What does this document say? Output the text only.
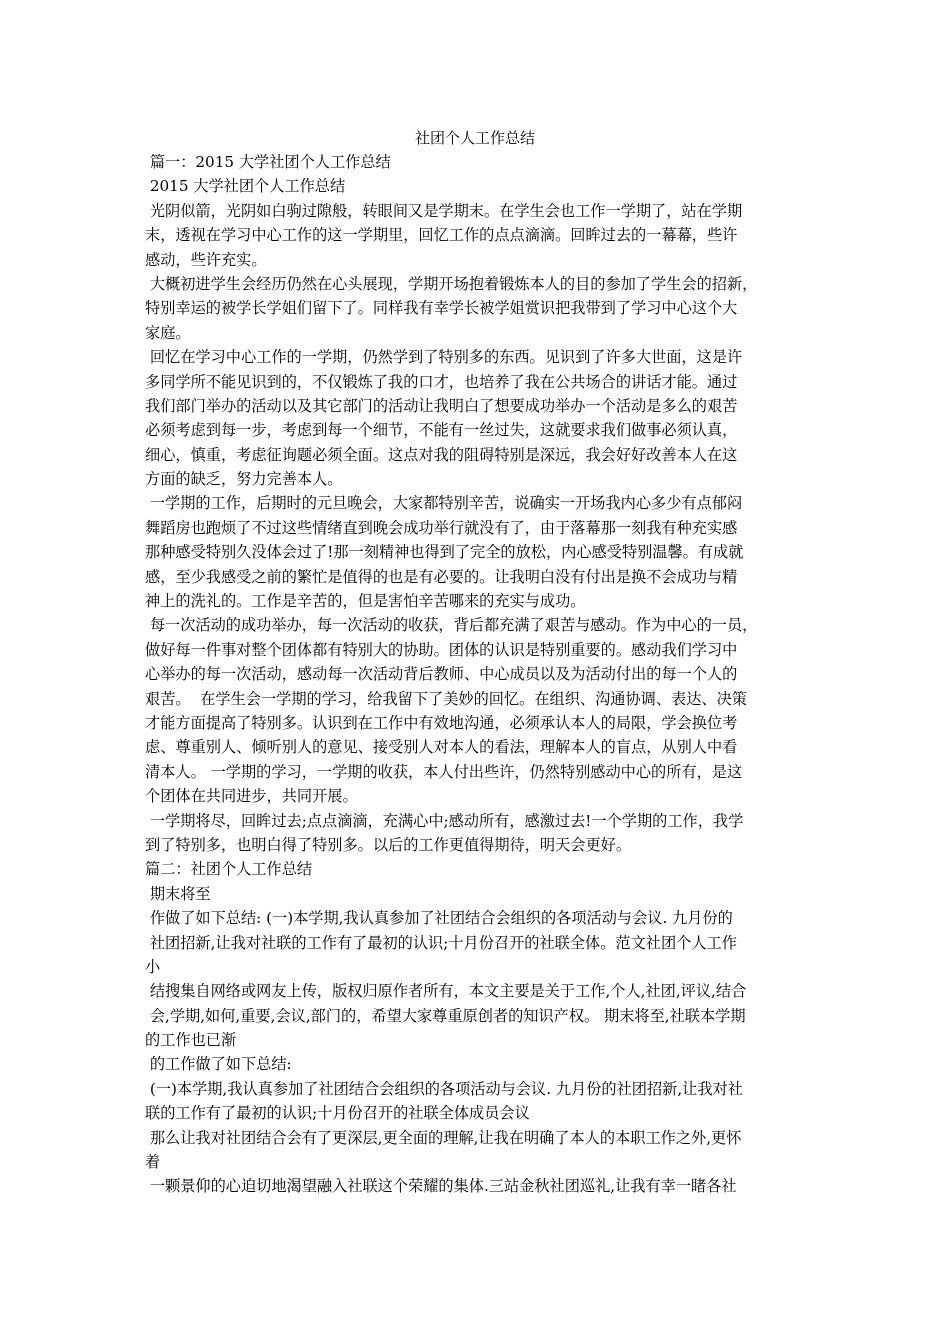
社团个人工作总结
篇一：2015 大学社团个人工作总结
2015 大学社团个人工作总结
光阴似箭，光阴如白驹过隙般，转眼间又是学期末。在学生会也工作一学期了，站在学期
末，透视在学习中心工作的这一学期里，回忆工作的点点滴滴。回眸过去的一幕幕，些许
感动，些许充实。
大概初进学生会经历仍然在心头展现，学期开场抱着锻炼本人的目的参加了学生会的招新，
特别幸运的被学长学姐们留下了。同样我有幸学长被学姐赏识把我带到了学习中心这个大
家庭。
回忆在学习中心工作的一学期，仍然学到了特别多的东西。见识到了许多大世面，这是许
多同学所不能见识到的，不仅锻炼了我的口才，也培养了我在公共场合的讲话才能。通过
我们部门举办的活动以及其它部门的活动让我明白了想要成功举办一个活动是多么的艰苦
必须考虑到每一步，考虑到每一个细节，不能有一丝过失，这就要求我们做事必须认真，
细心，慎重，考虑征询题必须全面。这点对我的阻碍特别是深远，我会好好改善本人在这
方面的缺乏，努力完善本人。
一学期的工作，后期时的元旦晚会，大家都特别辛苦，说确实一开场我内心多少有点郁闷
舞蹈房也跑烦了不过这些情绪直到晚会成功举行就没有了，由于落幕那一刻我有种充实感
那种感受特别久没体会过了!那一刻精神也得到了完全的放松，内心感受特别温馨。有成就
感，至少我感受之前的繁忙是值得的也是有必要的。让我明白没有付出是换不会成功与精
神上的洗礼的。工作是辛苦的，但是害怕辛苦哪来的充实与成功。
每一次活动的成功举办，每一次活动的收获，背后都充满了艰苦与感动。作为中心的一员，
做好每一件事对整个团体都有特别大的协助。团体的认识是特别重要的。感动我们学习中
心举办的每一次活动，感动每一次活动背后教师、中心成员以及为活动付出的每一个人的
艰苦。  在学生会一学期的学习，给我留下了美妙的回忆。在组织、沟通协调、表达、决策
才能方面提高了特别多。认识到在工作中有效地沟通，必须承认本人的局限，学会换位考
虑、尊重别人、倾听别人的意见、接受别人对本人的看法，理解本人的盲点，从别人中看
清本人。 一学期的学习，一学期的收获，本人付出些许，仍然特别感动中心的所有，是这
个团体在共同进步，共同开展。
一学期将尽，回眸过去;点点滴滴，充满心中;感动所有，感激过去!一个学期的工作，我学
到了特别多，也明白得了特别多。以后的工作更值得期待，明天会更好。
篇二：社团个人工作总结
期末将至
作做了如下总结: (一)本学期,我认真参加了社团结合会组织的各项活动与会议. 九月份的
社团招新,让我对社联的工作有了最初的认识;十月份召开的社联全体。范文社团个人工作
小
结搜集自网络或网友上传，版权归原作者所有，本文主要是关于工作,个人,社团,评议,结合
会,学期,如何,重要,会议,部门的，希望大家尊重原创者的知识产权。 期末将至,社联本学期
的工作也已渐
的工作做了如下总结:
(一)本学期,我认真参加了社团结合会组织的各项活动与会议. 九月份的社团招新,让我对社
联的工作有了最初的认识;十月份召开的社联全体成员会议
那么让我对社团结合会有了更深层,更全面的理解,让我在明确了本人的本职工作之外,更怀
着
一颗景仰的心迫切地渴望融入社联这个荣耀的集体.三站金秋社团巡礼,让我有幸一睹各社
